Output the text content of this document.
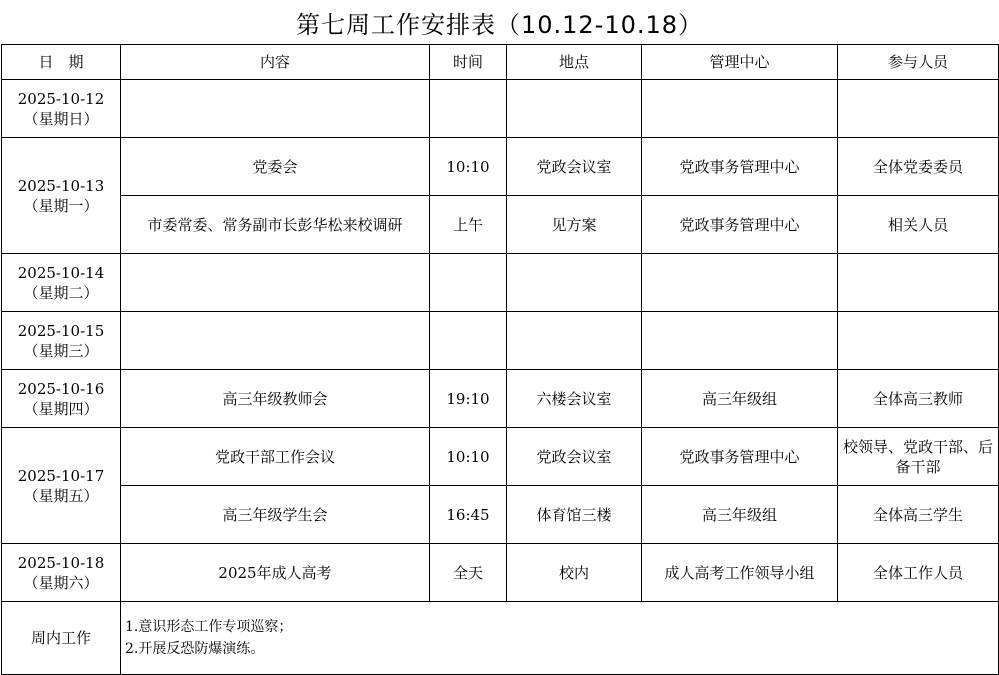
第七周工作安排表（10.12-10.18）
日　期	内容	时间	地点	管理中心	参与人员

2025-10-12
（星期日）					

2025-10-13
（星期一）	党委会	10:10	党政会议室	党政事务管理中心	全体党委委员
	市委常委、常务副市长彭华松来校调研	上午	见方案	党政事务管理中心	相关人员

2025-10-14
（星期二）					

2025-10-15
（星期三）					

2025-10-16
（星期四）	高三年级教师会	19:10	六楼会议室	高三年级组	全体高三教师

2025-10-17
（星期五）	党政干部工作会议	10:10	党政会议室	党政事务管理中心	校领导、党政干部、后备干部
	高三年级学生会	16:45	体育馆三楼	高三年级组	全体高三学生

2025-10-18
（星期六）	2025年成人高考	全天	校内	成人高考工作领导小组	全体工作人员
周内工作	1.意识形态工作专项巡察；
2.开展反恐防爆演练。				
